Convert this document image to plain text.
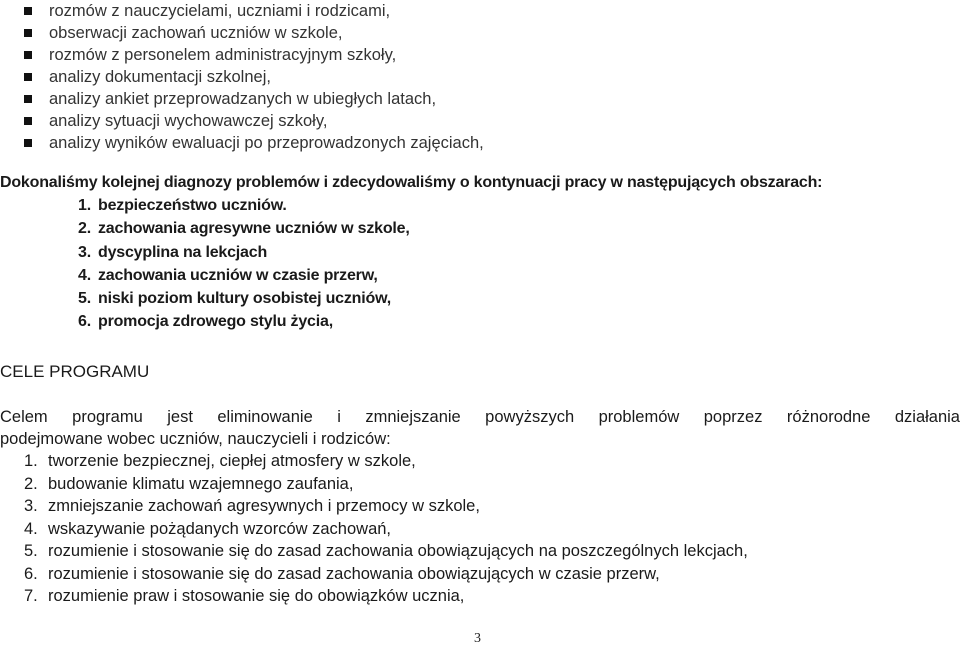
rozmów z nauczycielami, uczniami i rodzicami,
obserwacji zachowań uczniów w szkole,
rozmów z personelem administracyjnym szkoły,
analizy dokumentacji szkolnej,
analizy ankiet przeprowadzanych w ubiegłych latach,
analizy sytuacji wychowawczej szkoły,
analizy wyników ewaluacji po przeprowadzonych zajęciach,
Dokonaliśmy kolejnej diagnozy problemów i zdecydowaliśmy o kontynuacji pracy w następujących obszarach:
1. bezpieczeństwo uczniów.
2. zachowania agresywne uczniów w szkole,
3. dyscyplina na lekcjach
4. zachowania uczniów w czasie przerw,
5. niski poziom kultury osobistej uczniów,
6. promocja zdrowego stylu życia,
CELE PROGRAMU
Celem programu jest eliminowanie i zmniejszanie powyższych problemów poprzez różnorodne działania
podejmowane wobec uczniów, nauczycieli i rodziców:
1. tworzenie bezpiecznej, ciepłej atmosfery w szkole,
2. budowanie klimatu wzajemnego zaufania,
3. zmniejszanie zachowań agresywnych i przemocy w szkole,
4. wskazywanie pożądanych wzorców zachowań,
5. rozumienie i stosowanie się do zasad zachowania obowiązujących na poszczególnych lekcjach,
6. rozumienie i stosowanie się do zasad zachowania obowiązujących w czasie przerw,
7. rozumienie praw i stosowanie się do obowiązków ucznia,
3
